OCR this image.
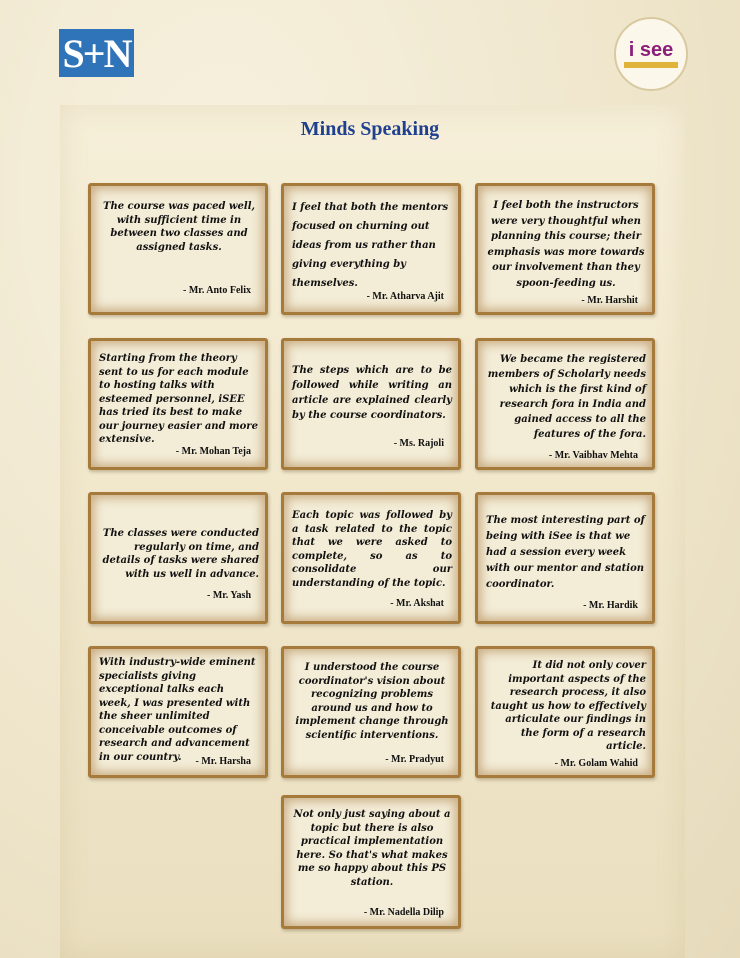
S+N	i see
Minds Speaking
The course was paced well, with sufficient time in between two classes and assigned tasks.
- Mr. Anto Felix
I feel that both the mentors focused on churning out ideas from us rather than giving everything by themselves.
- Mr. Atharva Ajit
I feel both the instructors were very thoughtful when planning this course; their emphasis was more towards our involvement than they spoon-feeding us.
- Mr. Harshit
Starting from the theory sent to us for each module to hosting talks with esteemed personnel, iSEE has tried its best to make our journey easier and more extensive.
- Mr. Mohan Teja
The steps which are to be followed while writing an article are explained clearly by the course coordinators.
- Ms. Rajoli
We became the registered members of Scholarly needs which is the first kind of research fora in India and gained access to all the features of the fora.
- Mr. Vaibhav Mehta
The classes were conducted regularly on time, and details of tasks were shared with us well in advance.
- Mr. Yash
Each topic was followed by a task related to the topic that we were asked to complete, so as to consolidate our understanding of the topic.
- Mr. Akshat
The most interesting part of being with iSee is that we had a session every week with our mentor and station coordinator.
- Mr. Hardik
With industry-wide eminent specialists giving exceptional talks each week, I was presented with the sheer unlimited conceivable outcomes of research and advancement in our country.	- Mr. Harsha
I understood the course coordinator's vision about recognizing problems around us and how to implement change through scientific interventions.
- Mr. Pradyut
It did not only cover important aspects of the research process, it also taught us how to effectively articulate our findings in the form of a research article.
- Mr. Golam Wahid
Not only just saying about a topic but there is also practical implementation here. So that's what makes me so happy about this PS station.
- Mr. Nadella Dilip
